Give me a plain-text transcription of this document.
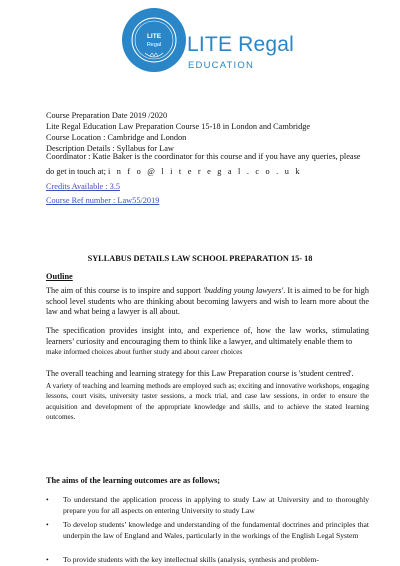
LITE
Regal	LITE Regal
EDUCATION
Course Preparation Date 2019 /2020
Lite Regal Education Law Preparation Course 15-18 in London and Cambridge
Course Location : Cambridge and London
Description Details : Syllabus for Law
Coordinator : Katie Baker is the coordinator for this course and if you have any queries, please
do get in touch at; i n f o @ l i t e r e g a l . c o . u k
Credits Available : 3.5
Course Ref number : Law55/2019
SYLLABUS DETAILS LAW SCHOOL PREPARATION 15- 18
Outline
The aim of this course is to inspire and support 'budding young lawyers'. It is aimed to be for high school level students who are thinking about becoming lawyers and wish to learn more about the law and what being a lawyer is all about.
The specification provides insight into, and experience of, how the law works, stimulating learners’ curiosity and encouraging them to think like a lawyer, and ultimately enable them to
make informed choices about further study and about career choices
The overall teaching and learning strategy for this Law Preparation course is 'student centred'.
A variety of teaching and learning methods are employed such as; exciting and innovative workshops, engaging lessons, court visits, university taster sessions, a mock trial, and case law sessions, in order to ensure the acquisition and development of the appropriate knowledge and skills, and to achieve the stated learning outcomes.
The aims of the learning outcomes are as follows;
• To understand the application process in applying to study Law at University and to thoroughly prepare you for all aspects on entering University to study Law
• To develop students’ knowledge and understanding of the fundamental doctrines and principles that underpin the law of England and Wales, particularly in the workings of the English Legal System
• To provide students with the key intellectual skills (analysis, synthesis and problem-
